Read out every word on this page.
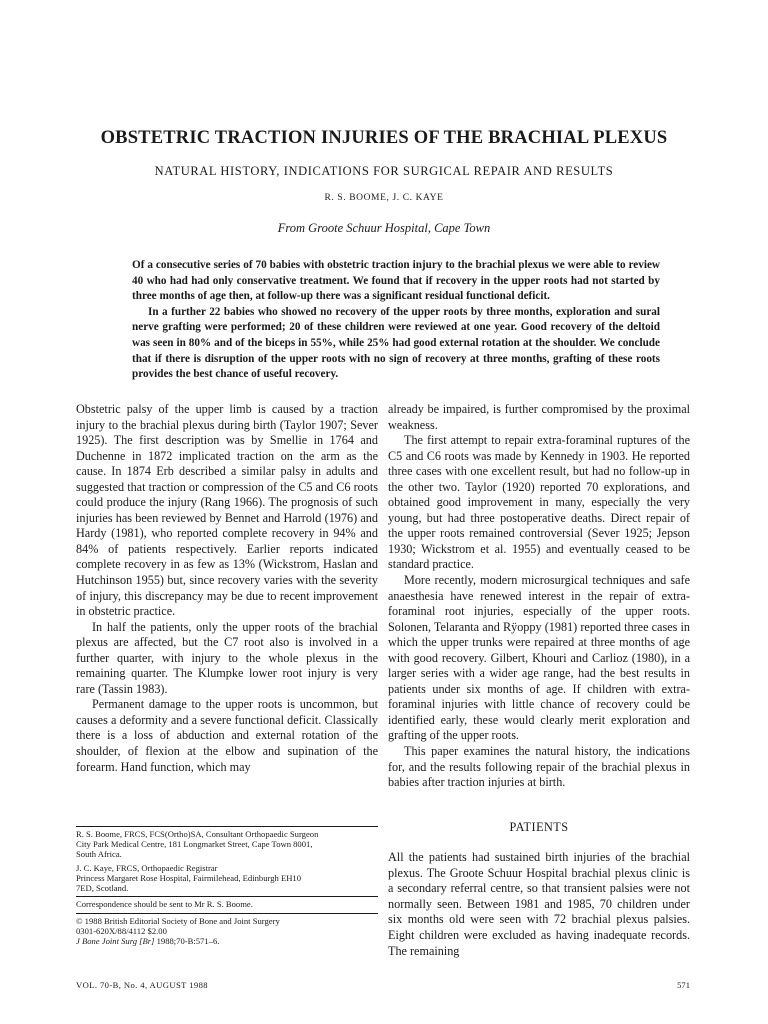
OBSTETRIC TRACTION INJURIES OF THE BRACHIAL PLEXUS
NATURAL HISTORY, INDICATIONS FOR SURGICAL REPAIR AND RESULTS
R. S. BOOME, J. C. KAYE
From Groote Schuur Hospital, Cape Town

Of a consecutive series of 70 babies with obstetric traction injury to the brachial plexus we were able to review 40 who had had only conservative treatment. We found that if recovery in the upper roots had not started by three months of age then, at follow-up there was a significant residual functional deficit.

In a further 22 babies who showed no recovery of the upper roots by three months, exploration and sural nerve grafting were performed; 20 of these children were reviewed at one year. Good recovery of the deltoid was seen in 80% and of the biceps in 55%, while 25% had good external rotation at the shoulder. We conclude that if there is disruption of the upper roots with no sign of recovery at three months, grafting of these roots provides the best chance of useful recovery.

Obstetric palsy of the upper limb is caused by a traction injury to the brachial plexus during birth (Taylor 1907; Sever 1925). The first description was by Smellie in 1764 and Duchenne in 1872 implicated traction on the arm as the cause. In 1874 Erb described a similar palsy in adults and suggested that traction or compression of the C5 and C6 roots could produce the injury (Rang 1966). The prognosis of such injuries has been reviewed by Bennet and Harrold (1976) and Hardy (1981), who reported complete recovery in 94% and 84% of patients respectively. Earlier reports indicated complete recovery in as few as 13% (Wickstrom, Haslan and Hutchinson 1955) but, since recovery varies with the severity of injury, this discrepancy may be due to recent improvement in obstetric practice.

In half the patients, only the upper roots of the brachial plexus are affected, but the C7 root also is involved in a further quarter, with injury to the whole plexus in the remaining quarter. The Klumpke lower root injury is very rare (Tassin 1983).

Permanent damage to the upper roots is uncommon, but causes a deformity and a severe functional deficit. Classically there is a loss of abduction and external rotation of the shoulder, of flexion at the elbow and supination of the forearm. Hand function, which may

already be impaired, is further compromised by the proximal weakness.

The first attempt to repair extra-foraminal ruptures of the C5 and C6 roots was made by Kennedy in 1903. He reported three cases with one excellent result, but had no follow-up in the other two. Taylor (1920) reported 70 explorations, and obtained good improvement in many, especially the very young, but had three postoperative deaths. Direct repair of the upper roots remained controversial (Sever 1925; Jepson 1930; Wickstrom et al. 1955) and eventually ceased to be standard practice.

More recently, modern microsurgical techniques and safe anaesthesia have renewed interest in the repair of extra-foraminal root injuries, especially of the upper roots. Solonen, Telaranta and Rÿoppy (1981) reported three cases in which the upper trunks were repaired at three months of age with good recovery. Gilbert, Khouri and Carlioz (1980), in a larger series with a wider age range, had the best results in patients under six months of age. If children with extra-foraminal injuries with little chance of recovery could be identified early, these would clearly merit exploration and grafting of the upper roots.

This paper examines the natural history, the indications for, and the results following repair of the brachial plexus in babies after traction injuries at birth.

PATIENTS

All the patients had sustained birth injuries of the brachial plexus. The Groote Schuur Hospital brachial plexus clinic is a secondary referral centre, so that transient palsies were not normally seen. Between 1981 and 1985, 70 children under six months old were seen with 72 brachial plexus palsies. Eight children were excluded as having inadequate records. The remaining

R. S. Boome, FRCS, FCS(Ortho)SA, Consultant Orthopaedic Surgeon
City Park Medical Centre, 181 Longmarket Street, Cape Town 8001,
South Africa.
J. C. Kaye, FRCS, Orthopaedic Registrar
Princess Margaret Rose Hospital, Fairmilehead, Edinburgh EH10
7ED, Scotland.
Correspondence should be sent to Mr R. S. Boome.
© 1988 British Editorial Society of Bone and Joint Surgery
0301-620X/88/4112 $2.00
J Bone Joint Surg [Br] 1988;70-B:571–6.
VOL. 70-B, No. 4, AUGUST 1988	571
